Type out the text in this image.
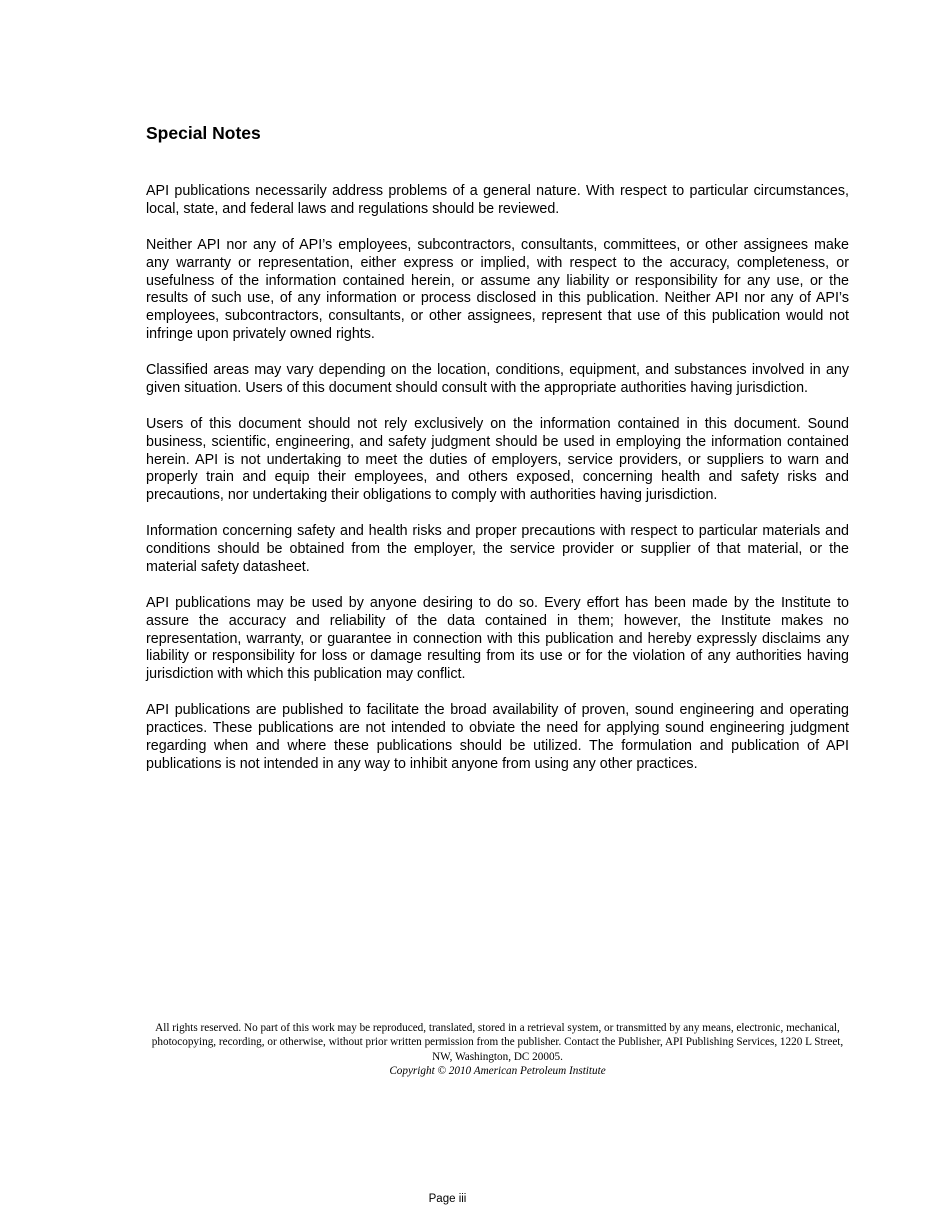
Special Notes

API publications necessarily address problems of a general nature. With respect to particular circumstances, local, state, and federal laws and regulations should be reviewed.

Neither API nor any of API’s employees, subcontractors, consultants, committees, or other assignees make any warranty or representation, either express or implied, with respect to the accuracy, completeness, or usefulness of the information contained herein, or assume any liability or responsibility for any use, or the results of such use, of any information or process disclosed in this publication. Neither API nor any of API’s employees, subcontractors, consultants, or other assignees, represent that use of this publication would not infringe upon privately owned rights.

Classified areas may vary depending on the location, conditions, equipment, and substances involved in any given situation. Users of this document should consult with the appropriate authorities having jurisdiction.

Users of this document should not rely exclusively on the information contained in this document. Sound business, scientific, engineering, and safety judgment should be used in employing the information contained herein. API is not undertaking to meet the duties of employers, service providers, or suppliers to warn and properly train and equip their employees, and others exposed, concerning health and safety risks and precautions, nor undertaking their obligations to comply with authorities having jurisdiction.

Information concerning safety and health risks and proper precautions with respect to particular materials and conditions should be obtained from the employer, the service provider or supplier of that material, or the material safety datasheet.

API publications may be used by anyone desiring to do so. Every effort has been made by the Institute to assure the accuracy and reliability of the data contained in them; however, the Institute makes no representation, warranty, or guarantee in connection with this publication and hereby expressly disclaims any liability or responsibility for loss or damage resulting from its use or for the violation of any authorities having jurisdiction with which this publication may conflict.

API publications are published to facilitate the broad availability of proven, sound engineering and operating practices. These publications are not intended to obviate the need for applying sound engineering judgment regarding when and where these publications should be utilized. The formulation and publication of API publications is not intended in any way to inhibit anyone from using any other practices.

All rights reserved. No part of this work may be reproduced, translated, stored in a retrieval system, or transmitted by any means, electronic, mechanical, photocopying, recording, or otherwise, without prior written permission from the publisher. Contact the Publisher, API Publishing Services, 1220 L Street, NW, Washington, DC 20005.

Copyright © 2010 American Petroleum Institute

Page iii
